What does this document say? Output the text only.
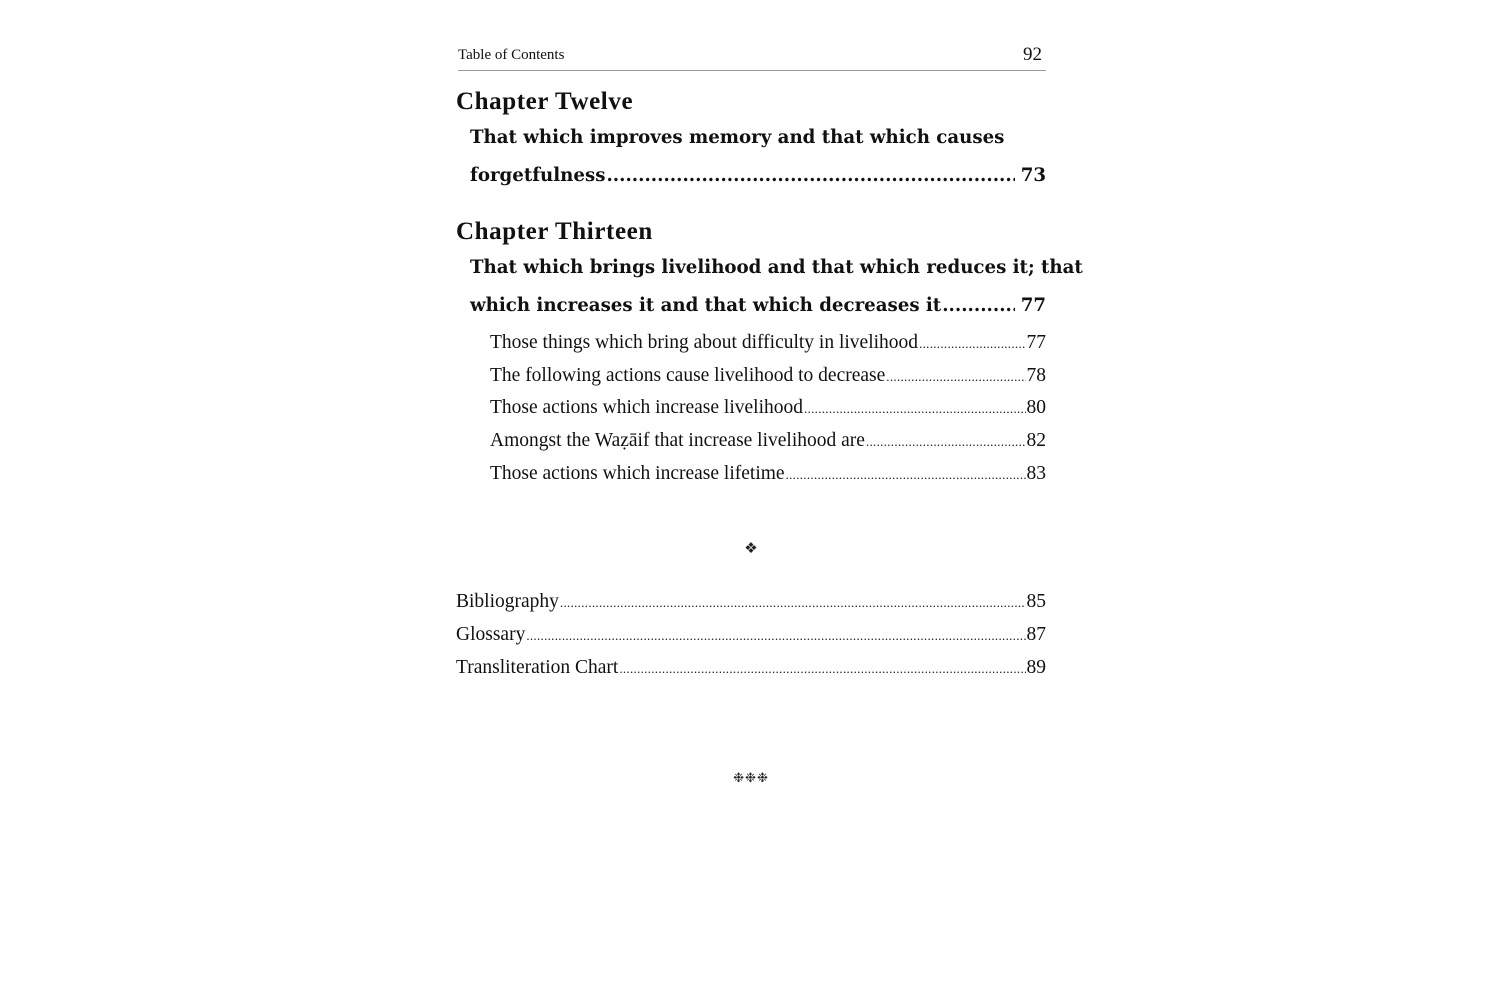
Table of Contents	92
Chapter Twelve
That which improves memory and that which causes
forgetfulness .....	73
Chapter Thirteen
That which brings livelihood and that which reduces it; that
which increases it and that which decreases it .....	77
Those things which bring about difficulty in livelihood .....	77
The following actions cause livelihood to decrease .....	78
Those actions which increase livelihood .....	80
Amongst the Waẓāif that increase livelihood are .....	82
Those actions which increase lifetime .....	83
❖
Bibliography .....	85
Glossary .....	87
Transliteration Chart .....	89
❉❉❉
